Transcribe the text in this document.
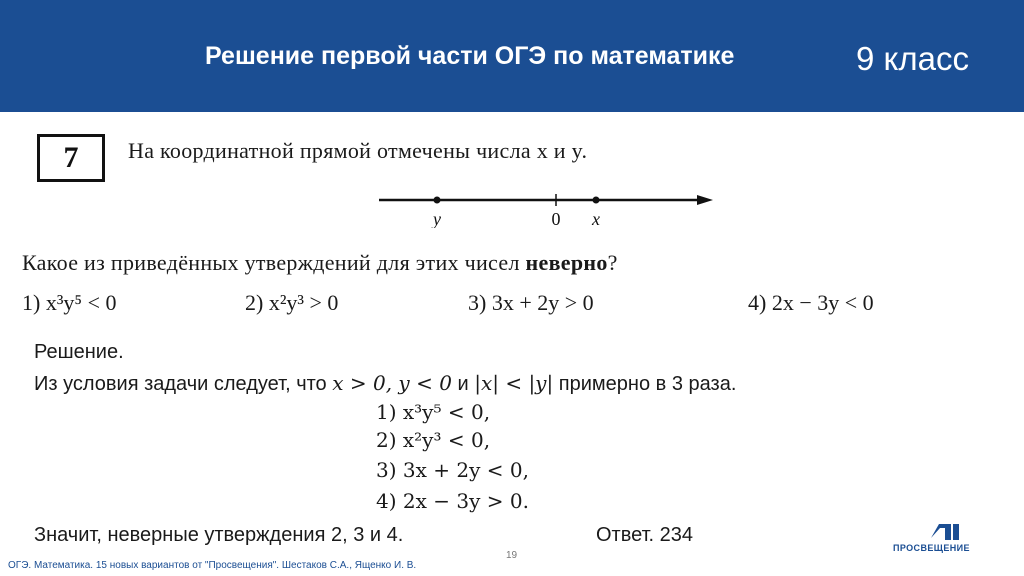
Решение первой части ОГЭ по математике	9 класс
7 На координатной прямой отмечены числа x и y.
y	0 x
Какое из приведённых утверждений для этих чисел неверно?
1) x³y⁵ < 0	2) x²y³ > 0	3) 3x + 2y > 0	4) 2x − 3y < 0
Решение.
Из условия задачи следует, что x > 0, y < 0 и |x| < |y| примерно в 3 раза.
1) x³y⁵ < 0,
2) x²y³ < 0,
3) 3x + 2y < 0,
4) 2x − 3y > 0.
Значит, неверные утверждения 2, 3 и 4.	Ответ. 234
ПРОСВЕЩЕНИЕ
19
ОГЭ. Математика. 15 новых вариантов от "Просвещения". Шестаков С.А., Ященко И. В.
